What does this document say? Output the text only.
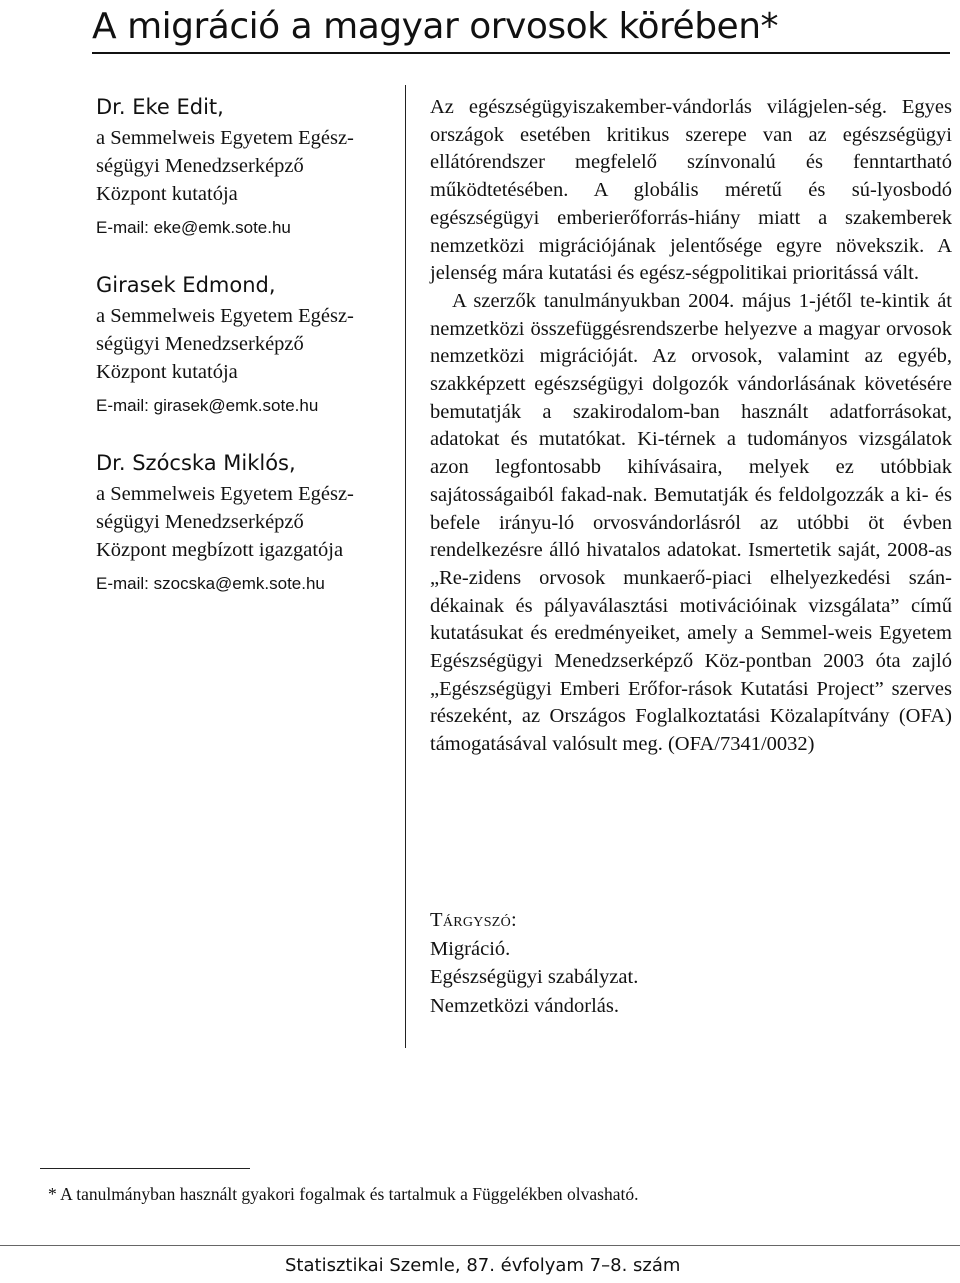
A migráció a magyar orvosok körében*
Dr. Eke Edit,
a Semmelweis Egyetem Egész-
ségügyi Menedzserképző
Központ kutatója
E-mail: eke@emk.sote.hu
Girasek Edmond,
a Semmelweis Egyetem Egész-
ségügyi Menedzserképző
Központ kutatója
E-mail: girasek@emk.sote.hu
Dr. Szócska Miklós,
a Semmelweis Egyetem Egész-
ségügyi Menedzserképző
Központ megbízott igazgatója
E-mail: szocska@emk.sote.hu

Az egészségügyiszakember-vándorlás világjelen-ség. Egyes országok esetében kritikus szerepe van az egészségügyi ellátórendszer megfelelő színvonalú és fenntartható működtetésében. A globális méretű és sú-lyosbodó egészségügyi emberierőforrás-hiány miatt a szakemberek nemzetközi migrációjának jelentősége egyre növekszik. A jelenség mára kutatási és egész-ségpolitikai prioritássá vált.

A szerzők tanulmányukban 2004. május 1-jétől te-kintik át nemzetközi összefüggésrendszerbe helyezve a magyar orvosok nemzetközi migrációját. Az orvosok, valamint az egyéb, szakképzett egészségügyi dolgozók vándorlásának követésére bemutatják a szakirodalom-ban használt adatforrásokat, adatokat és mutatókat. Ki-térnek a tudományos vizsgálatok azon legfontosabb kihívásaira, melyek ez utóbbiak sajátosságaiból fakad-nak. Bemutatják és feldolgozzák a ki- és befele irányu-ló orvosvándorlásról az utóbbi öt évben rendelkezésre álló hivatalos adatokat. Ismertetik saját, 2008-as „Re-zidens orvosok munkaerő-piaci elhelyezkedési szán-dékainak és pályaválasztási motivációinak vizsgálata” című kutatásukat és eredményeiket, amely a Semmel-weis Egyetem Egészségügyi Menedzserképző Köz-pontban 2003 óta zajló „Egészségügyi Emberi Erőfor-rások Kutatási Project” szerves részeként, az Országos Foglalkoztatási Közalapítvány (OFA) támogatásával valósult meg. (OFA/7341/0032)

Tárgyszó:
Migráció.
Egészségügyi szabályzat.
Nemzetközi vándorlás.
* A tanulmányban használt gyakori fogalmak és tartalmuk a Függelékben olvasható.
Statisztikai Szemle, 87. évfolyam 7–8. szám
